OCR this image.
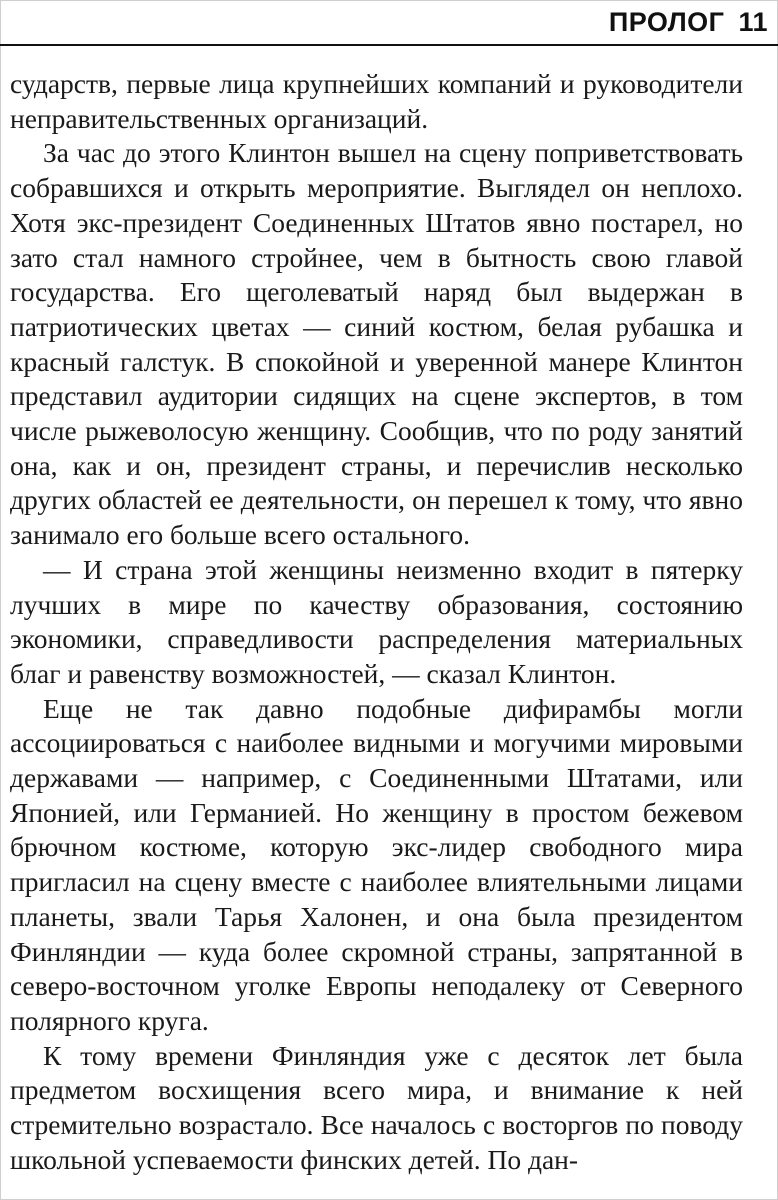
ПРОЛОГ 11

сударств, первые лица крупнейших компаний и руководители неправительственных организаций.

За час до этого Клинтон вышел на сцену поприветствовать собравшихся и открыть мероприятие. Выглядел он неплохо. Хотя экс-президент Соединенных Штатов явно постарел, но зато стал намного стройнее, чем в бытность свою главой государства. Его щеголеватый наряд был выдержан в патриотических цветах — синий костюм, белая рубашка и красный галстук. В спокойной и уверенной манере Клинтон представил аудитории сидящих на сцене экспертов, в том числе рыжеволосую женщину. Сообщив, что по роду занятий она, как и он, президент страны, и перечислив несколько других областей ее деятельности, он перешел к тому, что явно занимало его больше всего остального.

— И страна этой женщины неизменно входит в пятерку лучших в мире по качеству образования, состоянию экономики, справедливости распределения материальных благ и равенству возможностей, — сказал Клинтон.

Еще не так давно подобные дифирамбы могли ассоциироваться с наиболее видными и могучими мировыми державами — например, с Соединенными Штатами, или Японией, или Германией. Но женщину в простом бежевом брючном костюме, которую экс-лидер свободного мира пригласил на сцену вместе с наиболее влиятельными лицами планеты, звали Тарья Халонен, и она была президентом Финляндии — куда более скромной страны, запрятанной в северо-восточном уголке Европы неподалеку от Северного полярного круга.

К тому времени Финляндия уже с десяток лет была предметом восхищения всего мира, и внимание к ней стремительно возрастало. Все началось с восторгов по поводу школьной успеваемости финских детей. По дан-
